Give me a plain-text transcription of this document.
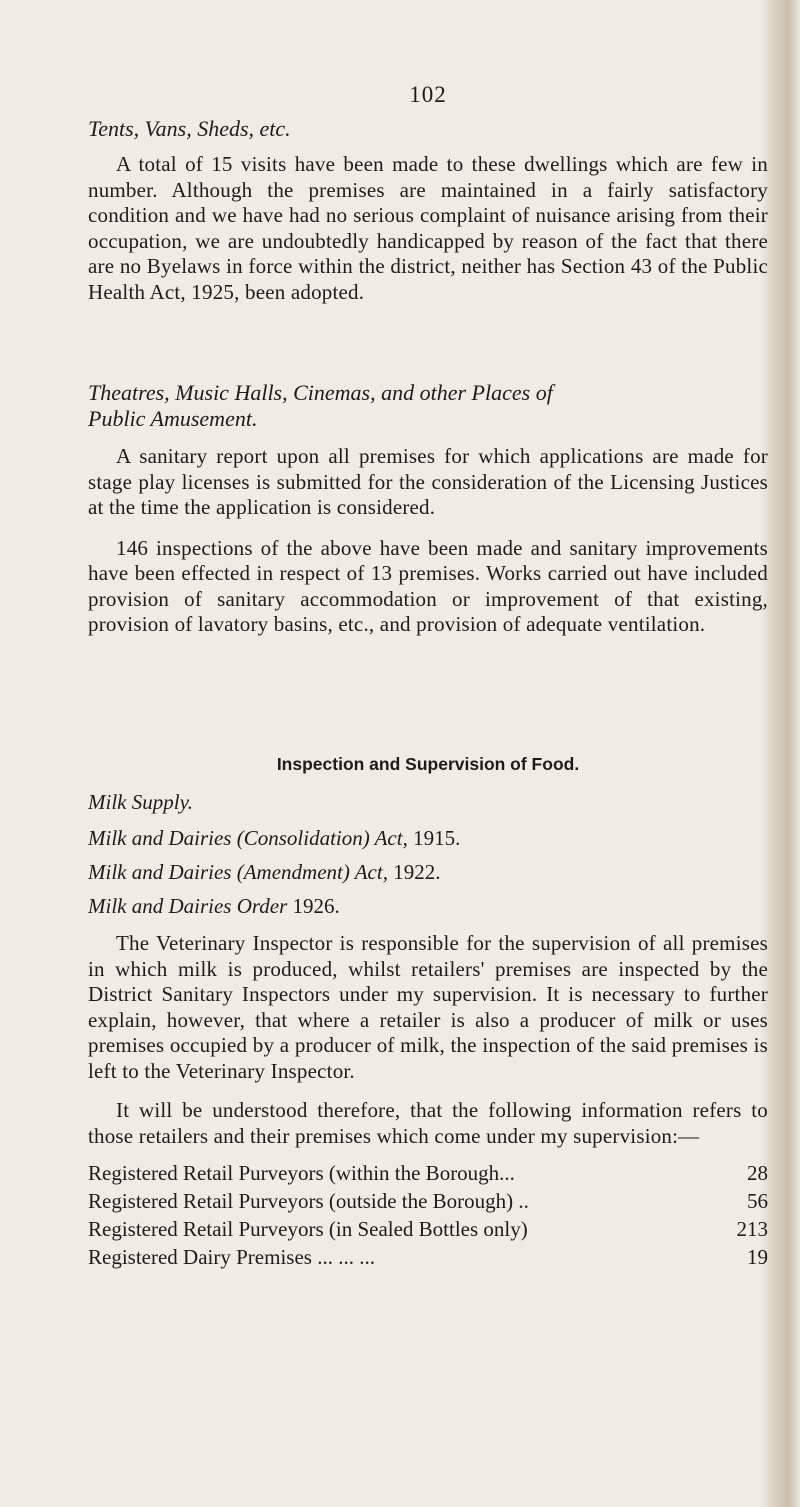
102

Tents, Vans, Sheds, etc.

A total of 15 visits have been made to these dwellings which are few in number. Although the premises are maintained in a fairly satisfactory condition and we have had no serious complaint of nuisance arising from their occupation, we are undoubtedly handicapped by reason of the fact that there are no Byelaws in force within the district, neither has Section 43 of the Public Health Act, 1925, been adopted.

Theatres, Music Halls, Cinemas, and other Places of

Public Amusement.

A sanitary report upon all premises for which applications are made for stage play licenses is submitted for the consideration of the Licensing Justices at the time the application is considered.

146 inspections of the above have been made and sanitary improvements have been effected in respect of 13 premises. Works carried out have included provision of sanitary accommodation or improvement of that existing, provision of lavatory basins, etc., and provision of adequate ventilation.

Inspection and Supervision of Food.

Milk Supply.

Milk and Dairies (Consolidation) Act, 1915.

Milk and Dairies (Amendment) Act, 1922.

Milk and Dairies Order 1926.

The Veterinary Inspector is responsible for the supervision of all premises in which milk is produced, whilst retailers' premises are inspected by the District Sanitary Inspectors under my supervision. It is necessary to further explain, however, that where a retailer is also a producer of milk or uses premises occupied by a producer of milk, the inspection of the said premises is left to the Veterinary Inspector.

It will be understood therefore, that the following information refers to those retailers and their premises which come under my supervision:—

Registered Retail Purveyors (within the Borough...	28
Registered Retail Purveyors (outside the Borough) ..	56
Registered Retail Purveyors (in Sealed Bottles only)	213
Registered Dairy Premises ... ... ...	19
